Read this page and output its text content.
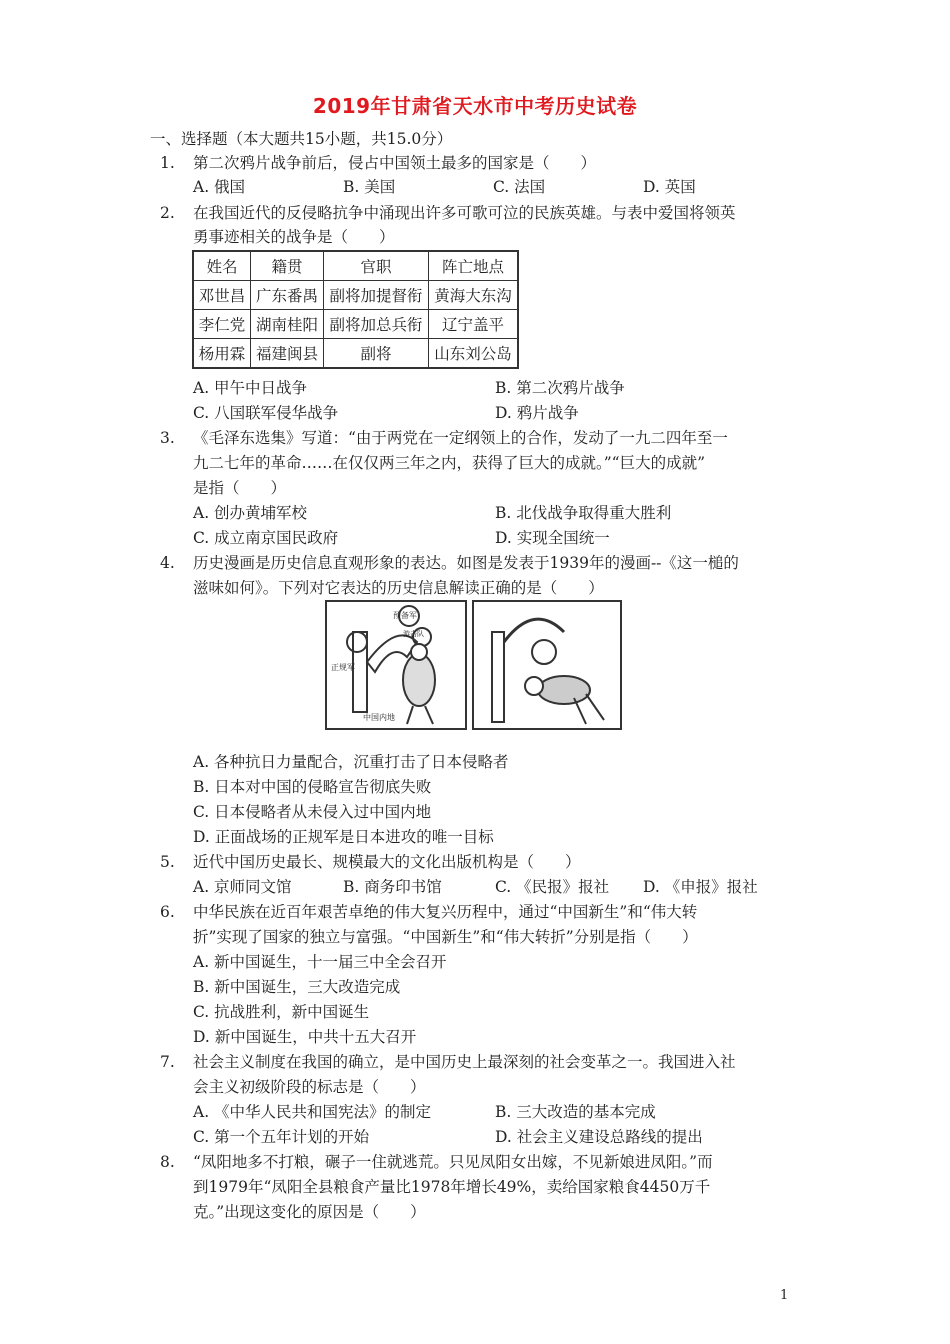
2019年甘肃省天水市中考历史试卷
一、选择题（本大题共15小题，共15.0分）
1. 第二次鸦片战争前后，侵占中国领土最多的国家是（　　）
A. 俄国	B. 美国	C. 法国	D. 英国
2. 在我国近代的反侵略抗争中涌现出许多可歌可泣的民族英雄。与表中爱国将领英
勇事迹相关的战争是（　　）
姓名	籍贯	官职	阵亡地点
邓世昌	广东番禺	副将加提督衔	黄海大东沟
李仁党	湖南桂阳	副将加总兵衔	辽宁盖平
杨用霖	福建闽县	副将	山东刘公岛
A. 甲午中日战争	B. 第二次鸦片战争
C. 八国联军侵华战争	D. 鸦片战争
3. 《毛泽东选集》写道：“由于两党在一定纲领上的合作，发动了一九二四年至一
九二七年的革命……在仅仅两三年之内，获得了巨大的成就。”“巨大的成就”
是指（　　）
A. 创办黄埔军校	B. 北伐战争取得重大胜利
C. 成立南京国民政府	D. 实现全国统一
4. 历史漫画是历史信息直观形象的表达。如图是发表于1939年的漫画--《这一槌的
滋味如何》。下列对它表达的历史信息解读正确的是（　　）
预备军
正规军
游击队
中国内地
A. 各种抗日力量配合，沉重打击了日本侵略者
B. 日本对中国的侵略宣告彻底失败
C. 日本侵略者从未侵入过中国内地
D. 正面战场的正规军是日本进攻的唯一目标
5. 近代中国历史最长、规模最大的文化出版机构是（　　）
A. 京师同文馆	B. 商务印书馆	C. 《民报》报社 D. 《申报》报社
6. 中华民族在近百年艰苦卓绝的伟大复兴历程中，通过“中国新生”和“伟大转
折”实现了国家的独立与富强。“中国新生”和“伟大转折”分别是指（　　）
A. 新中国诞生，十一届三中全会召开
B. 新中国诞生，三大改造完成
C. 抗战胜利，新中国诞生
D. 新中国诞生，中共十五大召开
7. 社会主义制度在我国的确立，是中国历史上最深刻的社会变革之一。我国进入社
会主义初级阶段的标志是（　　）
A. 《中华人民共和国宪法》的制定	B. 三大改造的基本完成
C. 第一个五年计划的开始	D. 社会主义建设总路线的提出
8. “凤阳地多不打粮，碾子一住就逃荒。只见凤阳女出嫁，不见新娘进凤阳。”而
到1979年“凤阳全县粮食产量比1978年增长49%，卖给国家粮食4450万千
克。”出现这变化的原因是（　　）
1
